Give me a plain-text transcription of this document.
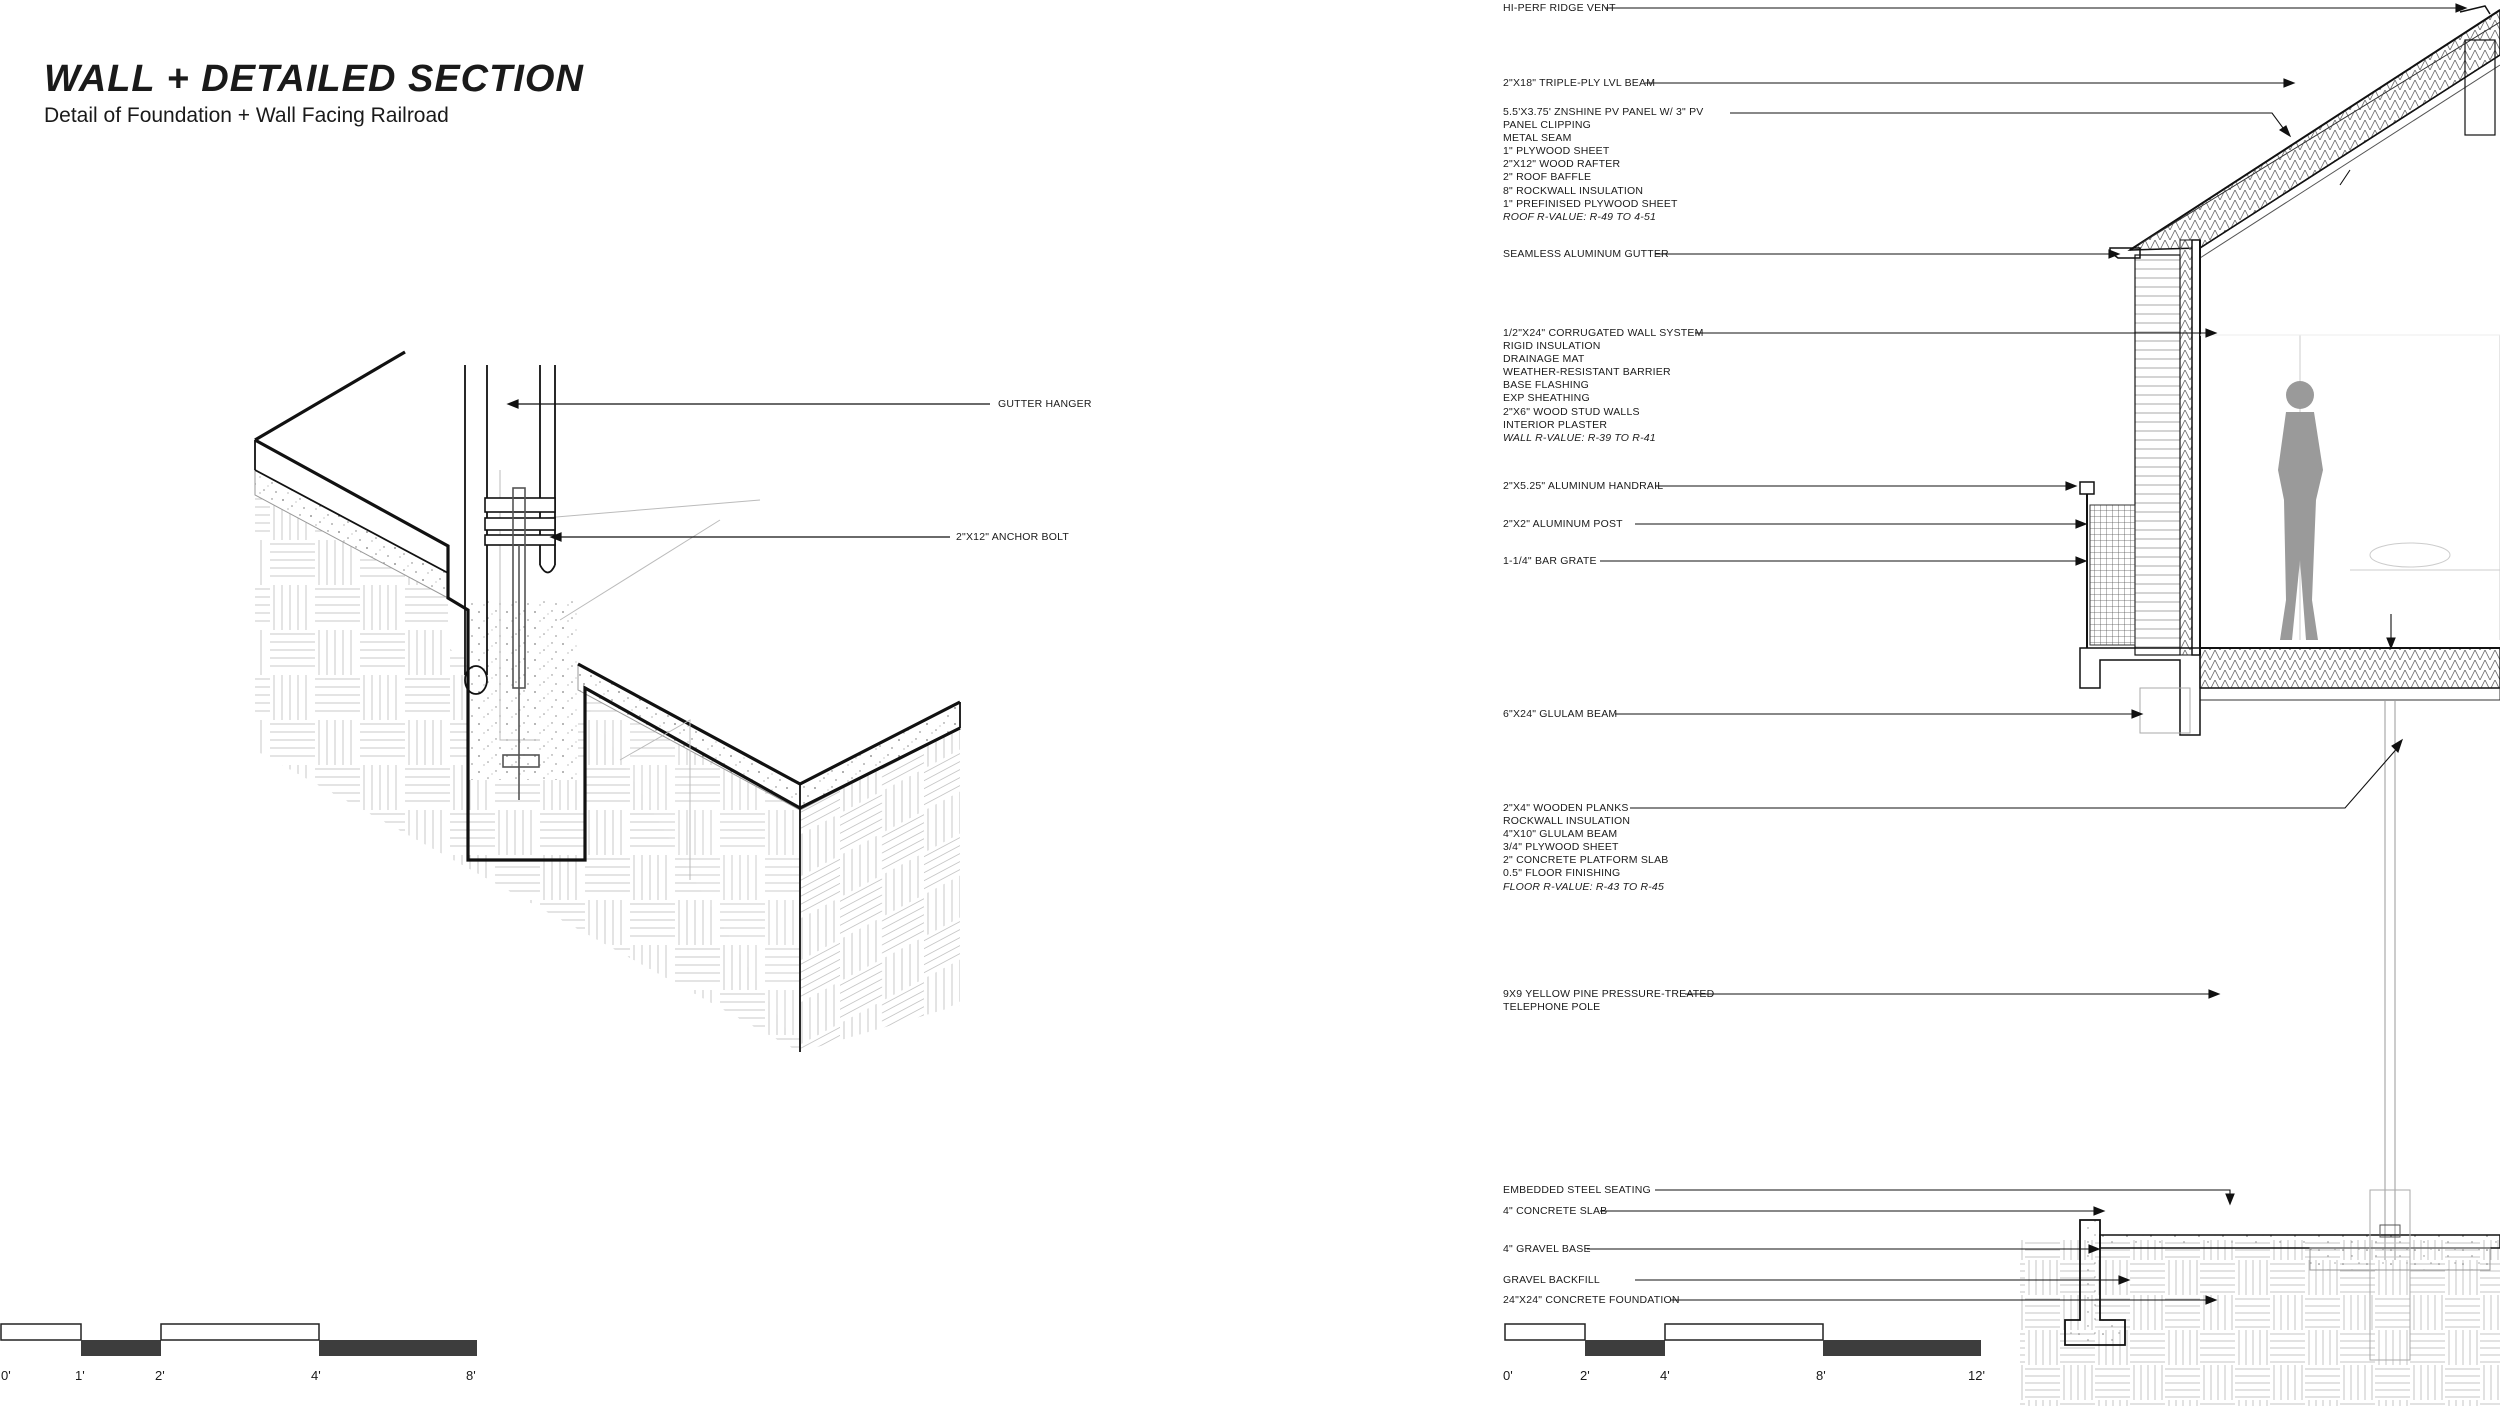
WALL + DETAILED SECTION

Detail of Foundation + Wall Facing Railroad

GUTTER HANGER
2"X12" ANCHOR BOLT
HI-PERF RIDGE VENT
2"X18" TRIPLE-PLY LVL BEAM
5.5'X3.75' ZNSHINE PV PANEL W/ 3" PV
PANEL CLIPPING
METAL SEAM
1" PLYWOOD SHEET
2"X12" WOOD RAFTER
2" ROOF BAFFLE
8" ROCKWALL INSULATION
1" PREFINISED PLYWOOD SHEET
ROOF R-VALUE: R-49 TO 4-51
SEAMLESS ALUMINUM GUTTER
1/2"X24" CORRUGATED WALL SYSTEM
RIGID INSULATION
DRAINAGE MAT
WEATHER-RESISTANT BARRIER
BASE FLASHING
EXP SHEATHING
2"X6" WOOD STUD WALLS
INTERIOR PLASTER
WALL R-VALUE: R-39 TO R-41
2"X5.25" ALUMINUM HANDRAIL
2"X2" ALUMINUM POST
1-1/4" BAR GRATE
6"X24" GLULAM BEAM
2"X4" WOODEN PLANKS
ROCKWALL INSULATION
4"X10" GLULAM BEAM
3/4" PLYWOOD SHEET
2" CONCRETE PLATFORM SLAB
0.5" FLOOR FINISHING
FLOOR R-VALUE: R-43 TO R-45
9X9 YELLOW PINE PRESSURE-TREATED
TELEPHONE POLE
EMBEDDED STEEL SEATING
4" CONCRETE SLAB
4" GRAVEL BASE
GRAVEL BACKFILL
24"X24" CONCRETE FOUNDATION
0'	1'	2'	4'	8'	0'	2'	4'	8'	12'
